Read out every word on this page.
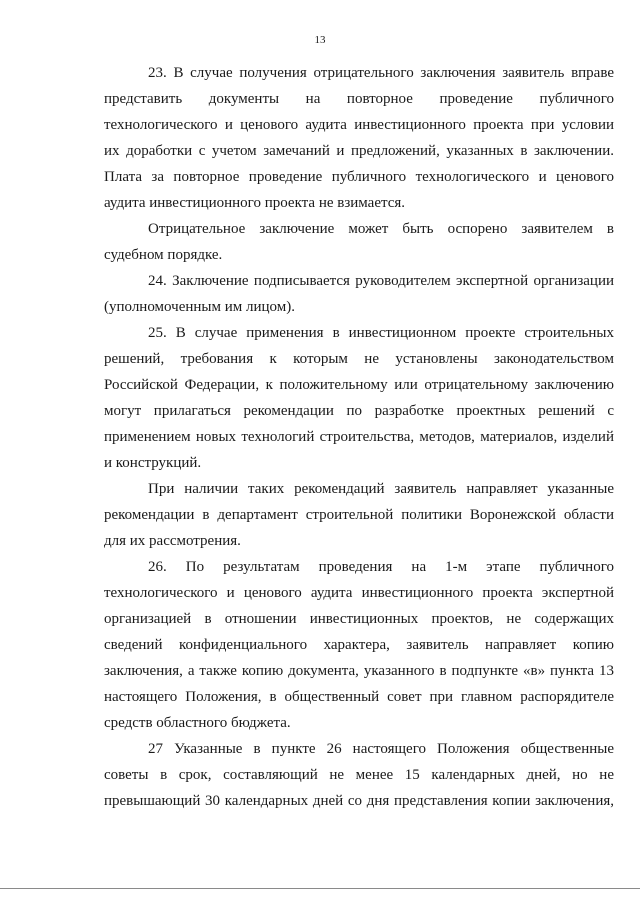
13
23. В случае получения отрицательного заключения заявитель вправе
представить документы на повторное проведение публичного
технологического и ценового аудита инвестиционного проекта при условии
их доработки с учетом замечаний и предложений, указанных в заключении.
Плата за повторное проведение публичного технологического и ценового
аудита инвестиционного проекта не взимается.
Отрицательное заключение может быть оспорено заявителем в
судебном порядке.
24. Заключение подписывается руководителем экспертной организации
(уполномоченным им лицом).
25. В случае применения в инвестиционном проекте строительных
решений, требования к которым не установлены законодательством
Российской Федерации, к положительному или отрицательному заключению
могут прилагаться рекомендации по разработке проектных решений с
применением новых технологий строительства, методов, материалов, изделий
и конструкций.
При наличии таких рекомендаций заявитель направляет указанные
рекомендации в департамент строительной политики Воронежской области
для их рассмотрения.
26. По результатам проведения на 1-м этапе публичного
технологического и ценового аудита инвестиционного проекта экспертной
организацией в отношении инвестиционных проектов, не содержащих
сведений конфиденциального характера, заявитель направляет копию
заключения, а также копию документа, указанного в подпункте «в» пункта 13
настоящего Положения, в общественный совет при главном распорядителе
средств областного бюджета.
27 Указанные в пункте 26 настоящего Положения общественные
советы в срок, составляющий не менее 15 календарных дней, но не
превышающий 30 календарных дней со дня представления копии заключения,
